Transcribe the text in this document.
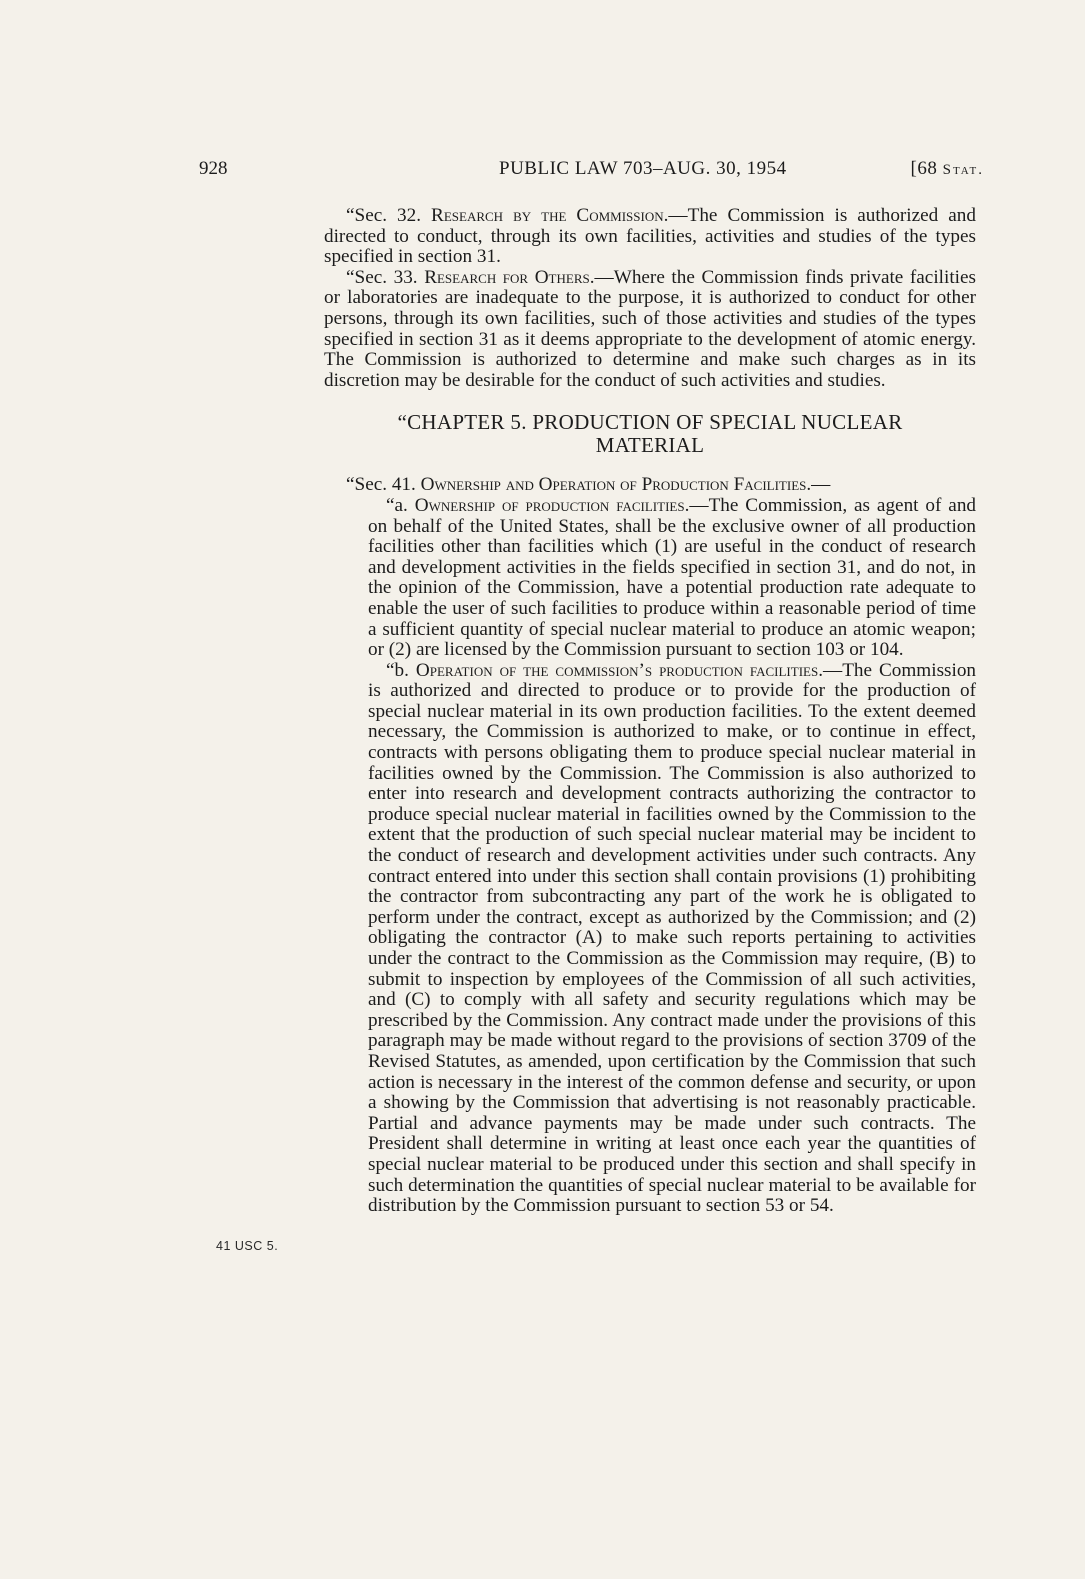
928	PUBLIC LAW 703–AUG. 30, 1954	[68 Stat.

“Sec. 32. Research by the Commission.—The Commission is authorized and directed to conduct, through its own facilities, activities and studies of the types specified in section 31.

“Sec. 33. Research for Others.—Where the Commission finds private facilities or laboratories are inadequate to the purpose, it is authorized to conduct for other persons, through its own facilities, such of those activities and studies of the types specified in section 31 as it deems appropriate to the development of atomic energy. The Commission is authorized to determine and make such charges as in its discretion may be desirable for the conduct of such activities and studies.

“CHAPTER 5. PRODUCTION OF SPECIAL NUCLEAR
MATERIAL

“Sec. 41. Ownership and Operation of Production Facilities.—

“a. Ownership of production facilities.—The Commission, as agent of and on behalf of the United States, shall be the exclusive owner of all production facilities other than facilities which (1) are useful in the conduct of research and development activities in the fields specified in section 31, and do not, in the opinion of the Commission, have a potential production rate adequate to enable the user of such facilities to produce within a reasonable period of time a sufficient quantity of special nuclear material to produce an atomic weapon; or (2) are licensed by the Commission pursuant to section 103 or 104.

“b. Operation of the commission’s production facilities.—The Commission is authorized and directed to produce or to provide for the production of special nuclear material in its own production facilities. To the extent deemed necessary, the Commission is authorized to make, or to continue in effect, contracts with persons obligating them to produce special nuclear material in facilities owned by the Commission. The Commission is also authorized to enter into research and development contracts authorizing the contractor to produce special nuclear material in facilities owned by the Commission to the extent that the production of such special nuclear material may be incident to the conduct of research and development activities under such contracts. Any contract entered into under this section shall contain provisions (1) prohibiting the contractor from subcontracting any part of the work he is obligated to perform under the contract, except as authorized by the Commission; and (2) obligating the contractor (A) to make such reports pertaining to activities under the contract to the Commission as the Commission may require, (B) to submit to inspection by employees of the Commission of all such activities, and (C) to comply with all safety and security regulations which may be prescribed by the Commission. Any contract made under the provisions of this paragraph may be made without regard to the provisions of section 3709 of the Revised Statutes, as amended, upon certification by the Commission that such action is necessary in the interest of the common defense and security, or upon a showing by the Commission that advertising is not reasonably practicable. Partial and advance payments may be made under such contracts. The President shall determine in writing at least once each year the quantities of special nuclear material to be produced under this section and shall specify in such determination the quantities of special nuclear material to be available for distribution by the Commission pursuant to section 53 or 54.

41 USC 5.
